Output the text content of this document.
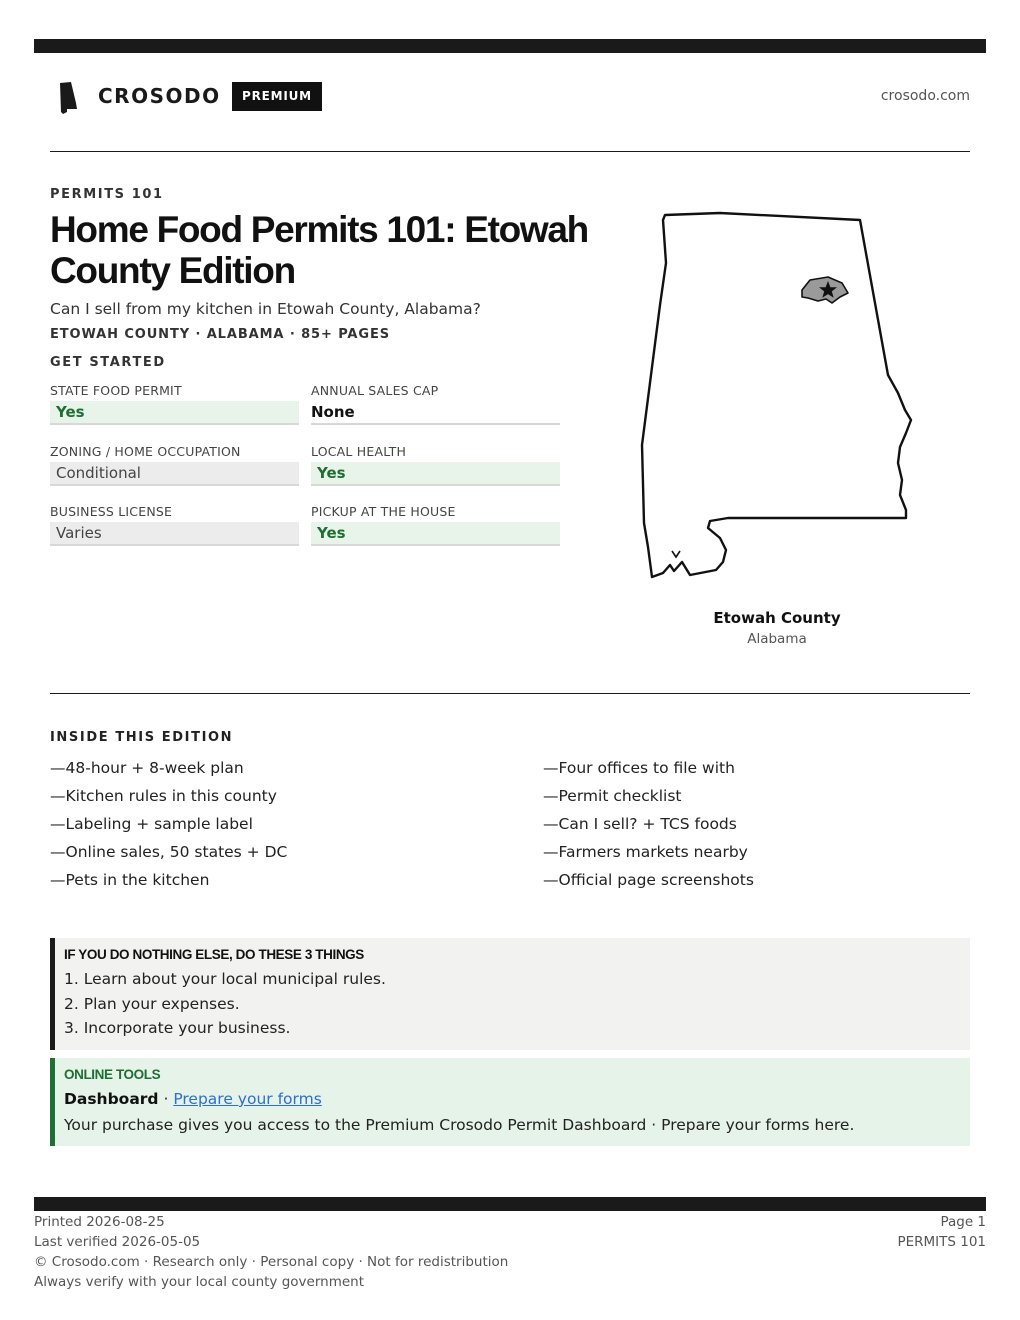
CROSODO	PREMIUM	crosodo.com
PERMITS 101
Home Food Permits 101: Etowah County Edition
Can I sell from my kitchen in Etowah County, Alabama?
ETOWAH COUNTY · ALABAMA · 85+ PAGES
GET STARTED
STATE FOOD PERMIT
Yes
ANNUAL SALES CAP
None
ZONING / HOME OCCUPATION
Conditional
LOCAL HEALTH
Yes
BUSINESS LICENSE
Varies
PICKUP AT THE HOUSE
Yes
Etowah County
Alabama
INSIDE THIS EDITION
—48-hour + 8-week plan
—Kitchen rules in this county
—Labeling + sample label
—Online sales, 50 states + DC
—Pets in the kitchen
—Four offices to file with
—Permit checklist
—Can I sell? + TCS foods
—Farmers markets nearby
—Official page screenshots
IF YOU DO NOTHING ELSE, DO THESE 3 THINGS
1. Learn about your local municipal rules.
2. Plan your expenses.
3. Incorporate your business.
ONLINE TOOLS
Dashboard · Prepare your forms
Your purchase gives you access to the Premium Crosodo Permit Dashboard · Prepare your forms here.
Printed 2026-08-25
Last verified 2026-05-05
© Crosodo.com · Research only · Personal copy · Not for redistribution
Always verify with your local county government
Page 1
PERMITS 101
